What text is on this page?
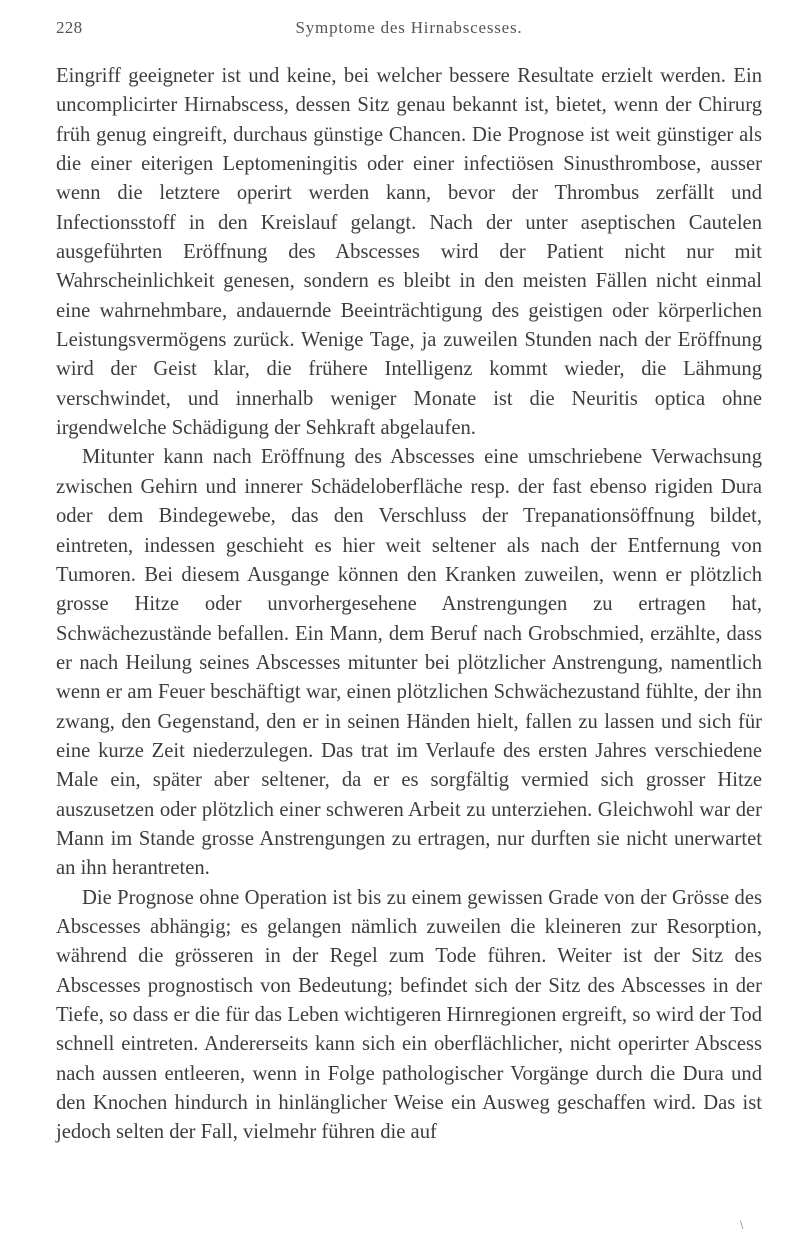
228	Symptome des Hirnabscesses.

Eingriff geeigneter ist und keine, bei welcher bessere Resultate erzielt werden. Ein uncomplicirter Hirnabscess, dessen Sitz genau bekannt ist, bietet, wenn der Chirurg früh genug eingreift, durchaus günstige Chancen. Die Prognose ist weit günstiger als die einer eiterigen Leptomeningitis oder einer infectiösen Sinusthrombose, ausser wenn die letztere operirt werden kann, bevor der Thrombus zerfällt und Infectionsstoff in den Kreislauf gelangt. Nach der unter aseptischen Cautelen ausgeführten Eröffnung des Abscesses wird der Patient nicht nur mit Wahrscheinlichkeit genesen, sondern es bleibt in den meisten Fällen nicht einmal eine wahrnehmbare, andauernde Beeinträchtigung des geistigen oder körperlichen Leistungsvermögens zurück. Wenige Tage, ja zuweilen Stunden nach der Eröffnung wird der Geist klar, die frühere Intelligenz kommt wieder, die Lähmung verschwindet, und innerhalb weniger Monate ist die Neuritis optica ohne irgendwelche Schädigung der Sehkraft abgelaufen.

Mitunter kann nach Eröffnung des Abscesses eine umschriebene Verwachsung zwischen Gehirn und innerer Schädeloberfläche resp. der fast ebenso rigiden Dura oder dem Bindegewebe, das den Verschluss der Trepanationsöffnung bildet, eintreten, indessen geschieht es hier weit seltener als nach der Entfernung von Tumoren. Bei diesem Ausgange können den Kranken zuweilen, wenn er plötzlich grosse Hitze oder unvorhergesehene Anstrengungen zu ertragen hat, Schwächezustände befallen. Ein Mann, dem Beruf nach Grobschmied, erzählte, dass er nach Heilung seines Abscesses mitunter bei plötzlicher Anstrengung, namentlich wenn er am Feuer beschäftigt war, einen plötzlichen Schwächezustand fühlte, der ihn zwang, den Gegenstand, den er in seinen Händen hielt, fallen zu lassen und sich für eine kurze Zeit niederzulegen. Das trat im Verlaufe des ersten Jahres verschiedene Male ein, später aber seltener, da er es sorgfältig vermied sich grosser Hitze auszusetzen oder plötzlich einer schweren Arbeit zu unterziehen. Gleichwohl war der Mann im Stande grosse Anstrengungen zu ertragen, nur durften sie nicht unerwartet an ihn herantreten.

Die Prognose ohne Operation ist bis zu einem gewissen Grade von der Grösse des Abscesses abhängig; es gelangen nämlich zuweilen die kleineren zur Resorption, während die grösseren in der Regel zum Tode führen. Weiter ist der Sitz des Abscesses prognostisch von Bedeutung; befindet sich der Sitz des Abscesses in der Tiefe, so dass er die für das Leben wichtigeren Hirnregionen ergreift, so wird der Tod schnell eintreten. Andererseits kann sich ein oberflächlicher, nicht operirter Abscess nach aussen entleeren, wenn in Folge pathologischer Vorgänge durch die Dura und den Knochen hindurch in hinlänglicher Weise ein Ausweg geschaffen wird. Das ist jedoch selten der Fall, vielmehr führen die auf

\
